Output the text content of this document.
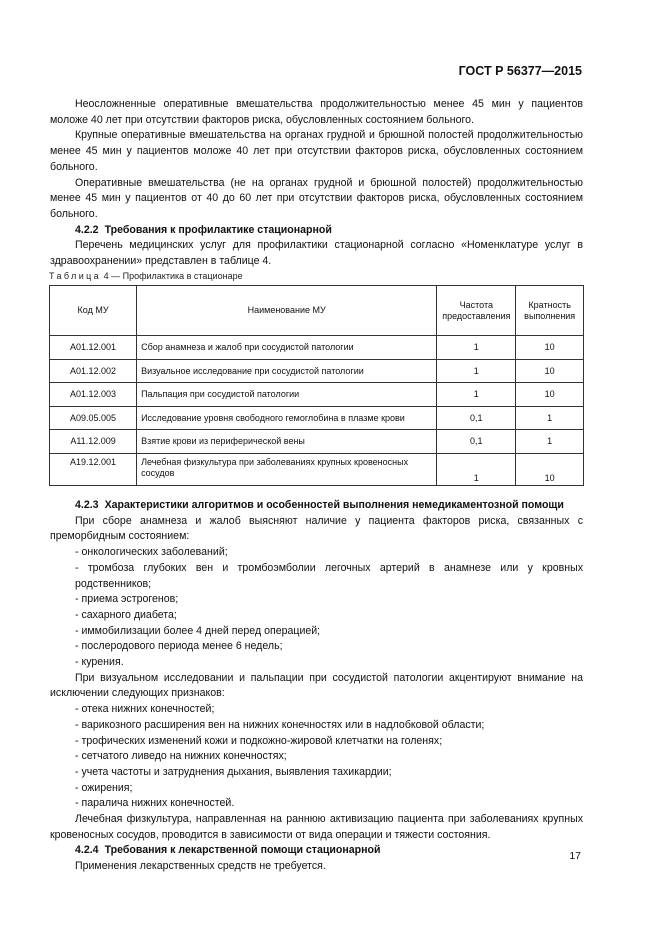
ГОСТ Р 56377—2015

Неосложненные оперативные вмешательства продолжительностью менее 45 мин у пациентов моложе 40 лет при отсутствии факторов риска, обусловленных состоянием больного.

Крупные оперативные вмешательства на органах грудной и брюшной полостей продолжительностью менее 45 мин у пациентов моложе 40 лет при отсутствии факторов риска, обусловленных состоянием больного.

Оперативные вмешательства (не на органах грудной и брюшной полостей) продолжительностью менее 45 мин у пациентов от 40 до 60 лет при отсутствии факторов риска, обусловленных состоянием больного.

4.2.2 Требования к профилактике стационарной

Перечень медицинских услуг для профилактики стационарной согласно «Номенклатуре услуг в здравоохранении» представлен в таблице 4.

Таблица 4 — Профилактика в стационаре
Код МУ	Наименование МУ	Частота предоставления	Кратность выполнения
A01.12.001	Сбор анамнеза и жалоб при сосудистой патологии	1	10
A01.12.002	Визуальное исследование при сосудистой патологии	1	10
A01.12.003	Пальпация при сосудистой патологии	1	10
A09.05.005	Исследование уровня свободного гемоглобина в плазме крови	0,1	1
A11.12.009	Взятие крови из периферической вены	0,1	1
A19.12.001	Лечебная физкультура при заболеваниях крупных кровеносных сосудов	1	10

4.2.3 Характеристики алгоритмов и особенностей выполнения немедикаментозной помощи

При сборе анамнеза и жалоб выясняют наличие у пациента факторов риска, связанных с преморбидным состоянием:

- онкологических заболеваний;

- тромбоза глубоких вен и тромбоэмболии легочных артерий в анамнезе или у кровных родственников;

- приема эстрогенов;

- сахарного диабета;

- иммобилизации более 4 дней перед операцией;

- послеродового периода менее 6 недель;

- курения.

При визуальном исследовании и пальпации при сосудистой патологии акцентируют внимание на исключении следующих признаков:

- отека нижних конечностей;

- варикозного расширения вен на нижних конечностях или в надлобковой области;

- трофических изменений кожи и подкожно-жировой клетчатки на голенях;

- сетчатого ливедо на нижних конечностях;

- учета частоты и затруднения дыхания, выявления тахикардии;

- ожирения;

- паралича нижних конечностей.

Лечебная физкультура, направленная на раннюю активизацию пациента при заболеваниях крупных кровеносных сосудов, проводится в зависимости от вида операции и тяжести состояния.

4.2.4 Требования к лекарственной помощи стационарной

Применения лекарственных средств не требуется.

17
